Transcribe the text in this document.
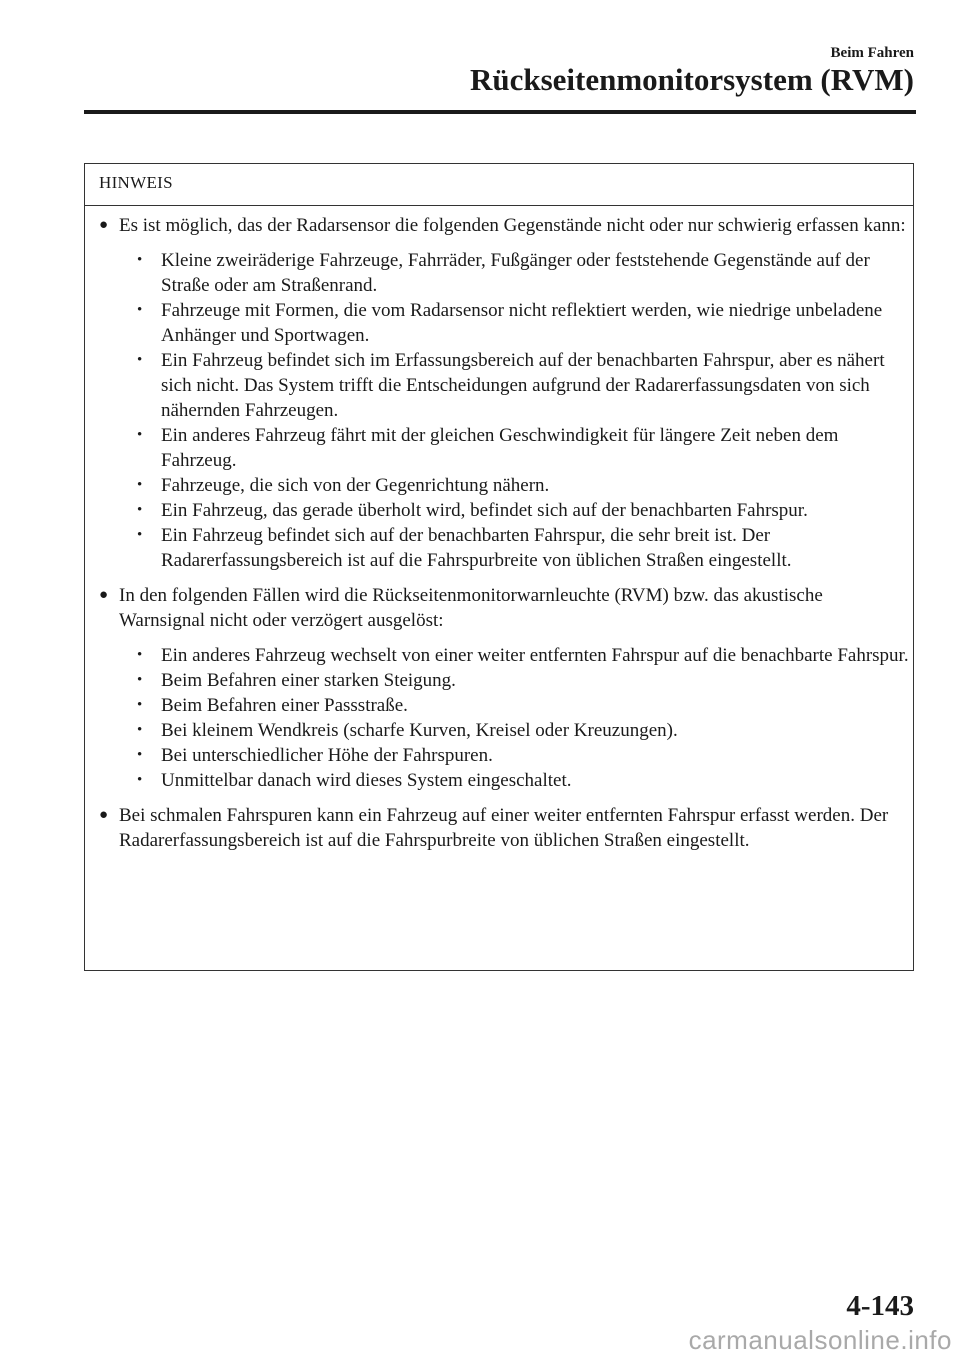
Beim Fahren
Rückseitenmonitorsystem (RVM)
HINWEIS
● Es ist möglich, das der Radarsensor die folgenden Gegenstände nicht oder nur schwierig erfassen kann:
• Kleine zweiräderige Fahrzeuge, Fahrräder, Fußgänger oder feststehende Gegenstände auf der Straße oder am Straßenrand.
• Fahrzeuge mit Formen, die vom Radarsensor nicht reflektiert werden, wie niedrige unbeladene Anhänger und Sportwagen.
• Ein Fahrzeug befindet sich im Erfassungsbereich auf der benachbarten Fahrspur, aber es nähert sich nicht. Das System trifft die Entscheidungen aufgrund der Radarerfassungsdaten von sich nähernden Fahrzeugen.
• Ein anderes Fahrzeug fährt mit der gleichen Geschwindigkeit für längere Zeit neben dem Fahrzeug.
• Fahrzeuge, die sich von der Gegenrichtung nähern.
• Ein Fahrzeug, das gerade überholt wird, befindet sich auf der benachbarten Fahrspur.
• Ein Fahrzeug befindet sich auf der benachbarten Fahrspur, die sehr breit ist. Der Radarerfassungsbereich ist auf die Fahrspurbreite von üblichen Straßen eingestellt.
● In den folgenden Fällen wird die Rückseitenmonitorwarnleuchte (RVM) bzw. das akustische Warnsignal nicht oder verzögert ausgelöst:
• Ein anderes Fahrzeug wechselt von einer weiter entfernten Fahrspur auf die benachbarte Fahrspur.
• Beim Befahren einer starken Steigung.
• Beim Befahren einer Passstraße.
• Bei kleinem Wendkreis (scharfe Kurven, Kreisel oder Kreuzungen).
• Bei unterschiedlicher Höhe der Fahrspuren.
• Unmittelbar danach wird dieses System eingeschaltet.
● Bei schmalen Fahrspuren kann ein Fahrzeug auf einer weiter entfernten Fahrspur erfasst werden. Der Radarerfassungsbereich ist auf die Fahrspurbreite von üblichen Straßen eingestellt.
4-143
carmanualsonline.info
